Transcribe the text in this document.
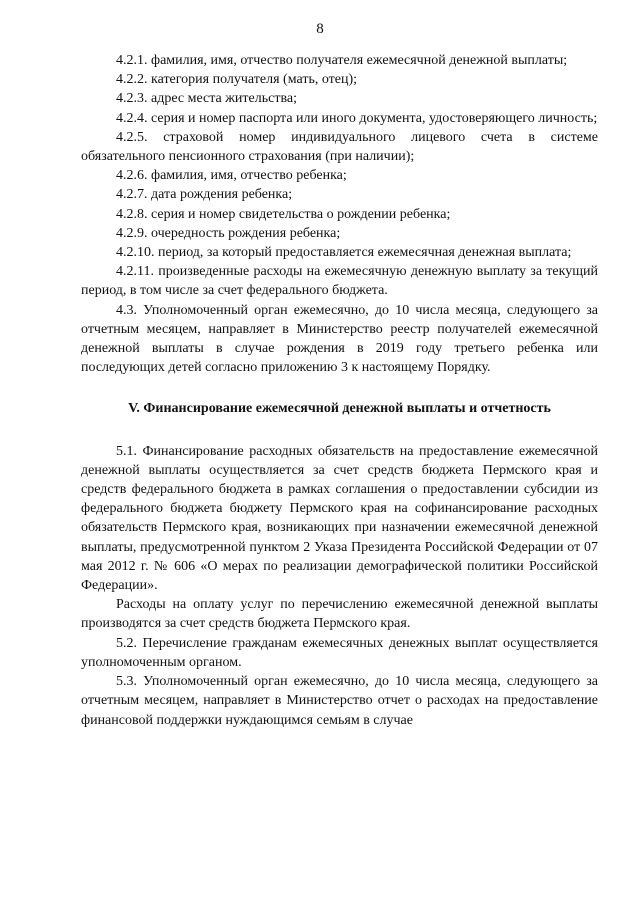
8

4.2.1. фамилия, имя, отчество получателя ежемесячной денежной выплаты;

4.2.2. категория получателя (мать, отец);

4.2.3. адрес места жительства;

4.2.4. серия и номер паспорта или иного документа, удостоверяющего личность;

4.2.5. страховой номер индивидуального лицевого счета в системе обязательного пенсионного страхования (при наличии);

4.2.6. фамилия, имя, отчество ребенка;

4.2.7. дата рождения ребенка;

4.2.8. серия и номер свидетельства о рождении ребенка;

4.2.9. очередность рождения ребенка;

4.2.10. период, за который предоставляется ежемесячная денежная выплата;

4.2.11. произведенные расходы на ежемесячную денежную выплату за текущий период, в том числе за счет федерального бюджета.

4.3. Уполномоченный орган ежемесячно, до 10 числа месяца, следующего за отчетным месяцем, направляет в Министерство реестр получателей ежемесячной денежной выплаты в случае рождения в 2019 году третьего ребенка или последующих детей согласно приложению 3 к настоящему Порядку.

V. Финансирование ежемесячной денежной выплаты и отчетность

5.1. Финансирование расходных обязательств на предоставление ежемесячной денежной выплаты осуществляется за счет средств бюджета Пермского края и средств федерального бюджета в рамках соглашения о предоставлении субсидии из федерального бюджета бюджету Пермского края на софинансирование расходных обязательств Пермского края, возникающих при назначении ежемесячной денежной выплаты, предусмотренной пунктом 2 Указа Президента Российской Федерации от 07 мая 2012 г. № 606 «О мерах по реализации демографической политики Российской Федерации».

Расходы на оплату услуг по перечислению ежемесячной денежной выплаты производятся за счет средств бюджета Пермского края.

5.2. Перечисление гражданам ежемесячных денежных выплат осуществляется уполномоченным органом.

5.3. Уполномоченный орган ежемесячно, до 10 числа месяца, следующего за отчетным месяцем, направляет в Министерство отчет о расходах на предоставление финансовой поддержки нуждающимся семьям в случае
